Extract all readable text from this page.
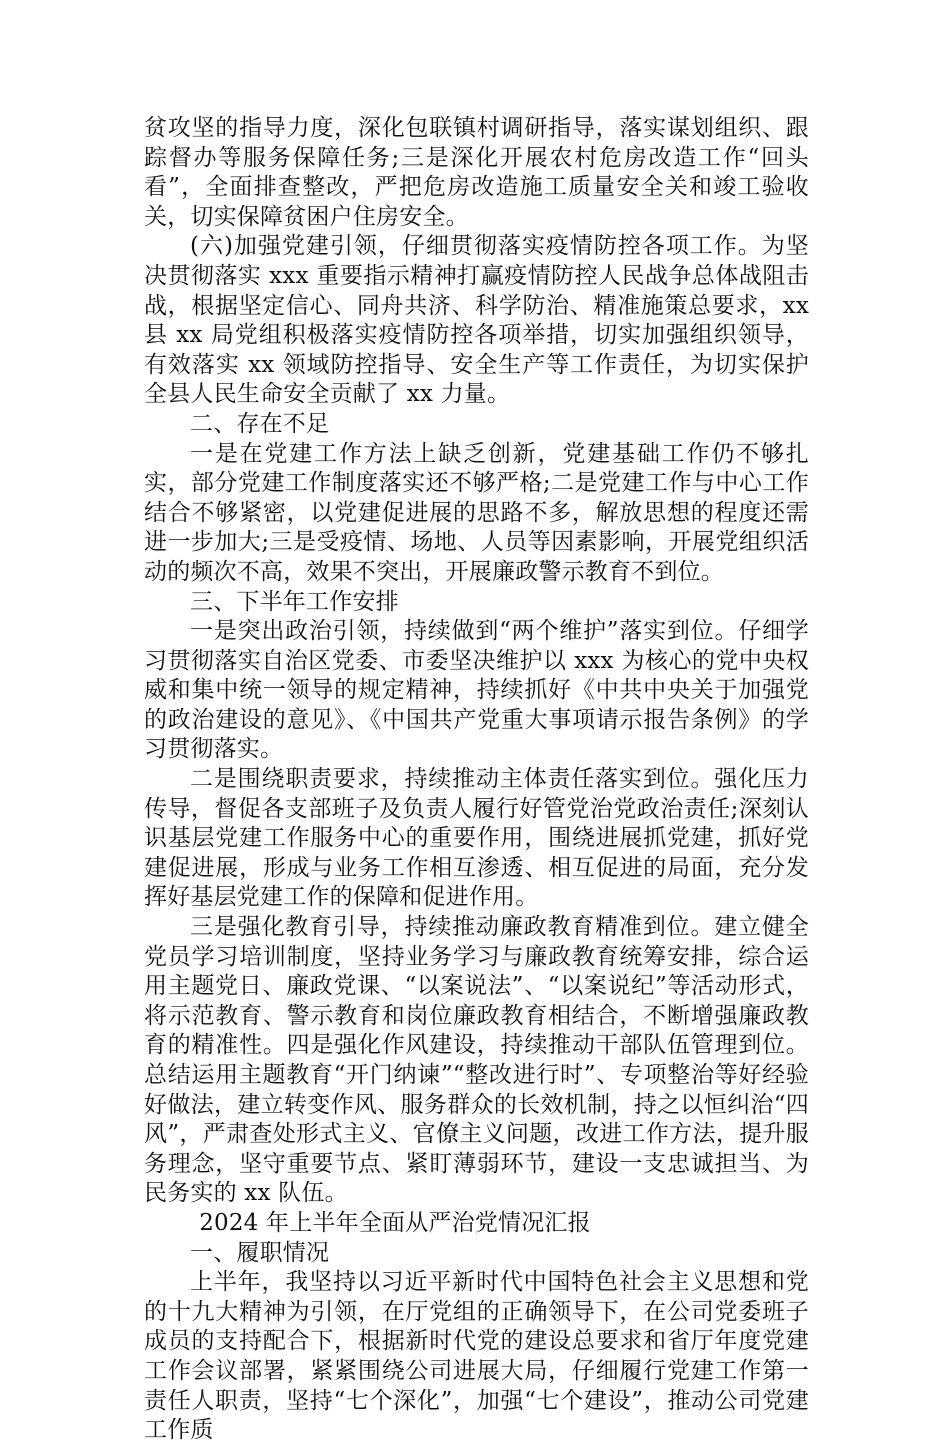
贫攻坚的指导力度，深化包联镇村调研指导，落实谋划组织、跟踪督办等服务保障任务;三是深化开展农村危房改造工作“回头看”，全面排查整改，严把危房改造施工质量安全关和竣工验收关，切实保障贫困户住房安全。

(六)加强党建引领，仔细贯彻落实疫情防控各项工作。为坚决贯彻落实 xxx 重要指示精神打赢疫情防控人民战争总体战阻击战，根据坚定信心、同舟共济、科学防治、精准施策总要求，xx 县 xx 局党组积极落实疫情防控各项举措，切实加强组织领导，有效落实 xx 领域防控指导、安全生产等工作责任，为切实保护全县人民生命安全贡献了 xx 力量。

二、存在不足

一是在党建工作方法上缺乏创新，党建基础工作仍不够扎实，部分党建工作制度落实还不够严格;二是党建工作与中心工作结合不够紧密，以党建促进展的思路不多，解放思想的程度还需进一步加大;三是受疫情、场地、人员等因素影响，开展党组织活动的频次不高，效果不突出，开展廉政警示教育不到位。

三、下半年工作安排

一是突出政治引领，持续做到“两个维护”落实到位。仔细学习贯彻落实自治区党委、市委坚决维护以 xxx 为核心的党中央权威和集中统一领导的规定精神，持续抓好《中共中央关于加强党的政治建设的意见》、《中国共产党重大事项请示报告条例》的学习贯彻落实。

二是围绕职责要求，持续推动主体责任落实到位。强化压力传导，督促各支部班子及负责人履行好管党治党政治责任;深刻认识基层党建工作服务中心的重要作用，围绕进展抓党建，抓好党建促进展，形成与业务工作相互渗透、相互促进的局面，充分发挥好基层党建工作的保障和促进作用。

三是强化教育引导，持续推动廉政教育精准到位。建立健全党员学习培训制度，坚持业务学习与廉政教育统筹安排，综合运用主题党日、廉政党课、“以案说法”、“以案说纪”等活动形式，将示范教育、警示教育和岗位廉政教育相结合，不断增强廉政教育的精准性。四是强化作风建设，持续推动干部队伍管理到位。总结运用主题教育“开门纳谏”“整改进行时”、专项整治等好经验好做法，建立转变作风、服务群众的长效机制，持之以恒纠治“四风”，严肃查处形式主义、官僚主义问题，改进工作方法，提升服务理念，坚守重要节点、紧盯薄弱环节，建设一支忠诚担当、为民务实的 xx 队伍。

2024 年上半年全面从严治党情况汇报

一、履职情况

上半年，我坚持以习近平新时代中国特色社会主义思想和党的十九大精神为引领，在厅党组的正确领导下，在公司党委班子成员的支持配合下，根据新时代党的建设总要求和省厅年度党建工作会议部署，紧紧围绕公司进展大局，仔细履行党建工作第一责任人职责，坚持“七个深化”，加强“七个建设”，推动公司党建工作质
